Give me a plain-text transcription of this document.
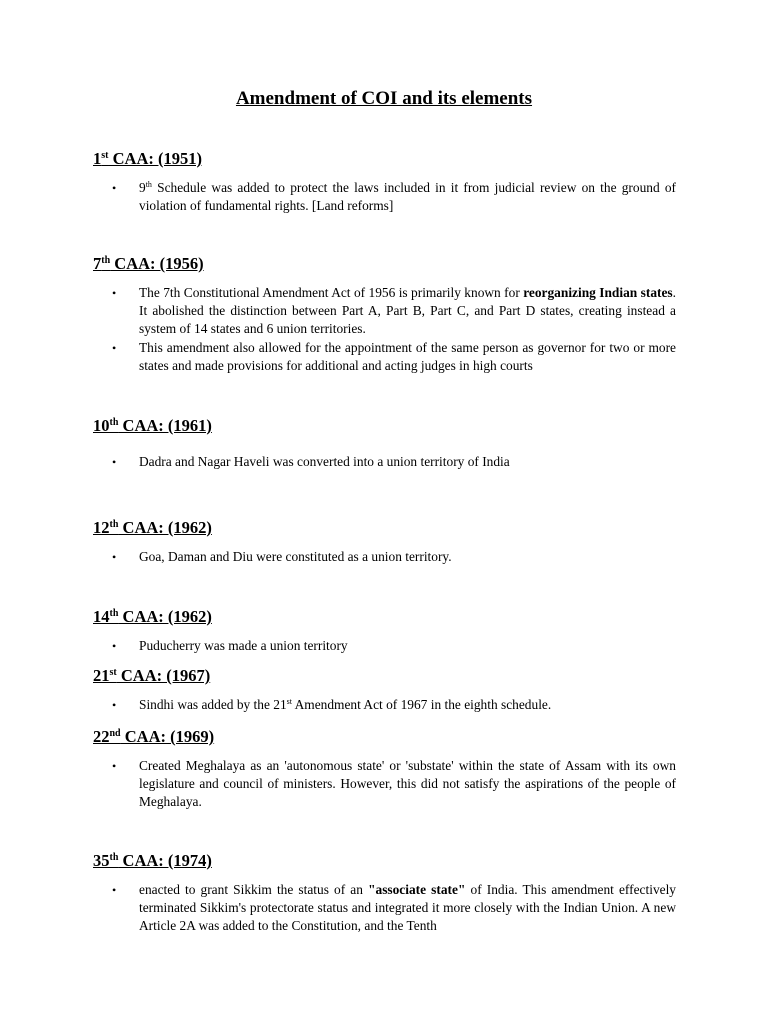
Amendment of COI and its elements
1st CAA: (1951)
• 9th Schedule was added to protect the laws included in it from judicial review on the ground of violation of fundamental rights. [Land reforms]
7th CAA: (1956)
• The 7th Constitutional Amendment Act of 1956 is primarily known for reorganizing Indian states. It abolished the distinction between Part A, Part B, Part C, and Part D states, creating instead a system of 14 states and 6 union territories.
• This amendment also allowed for the appointment of the same person as governor for two or more states and made provisions for additional and acting judges in high courts
10th CAA: (1961)
• Dadra and Nagar Haveli was converted into a union territory of India
12th CAA: (1962)
• Goa, Daman and Diu were constituted as a union territory.
14th CAA: (1962)
• Puducherry was made a union territory
21st CAA: (1967)
• Sindhi was added by the 21st Amendment Act of 1967 in the eighth schedule.
22nd CAA: (1969)
• Created Meghalaya as an 'autonomous state' or 'substate' within the state of Assam with its own legislature and council of ministers. However, this did not satisfy the aspirations of the people of Meghalaya.
35th CAA: (1974)
• enacted to grant Sikkim the status of an "associate state" of India. This amendment effectively terminated Sikkim's protectorate status and integrated it more closely with the Indian Union. A new Article 2A was added to the Constitution, and the Tenth
